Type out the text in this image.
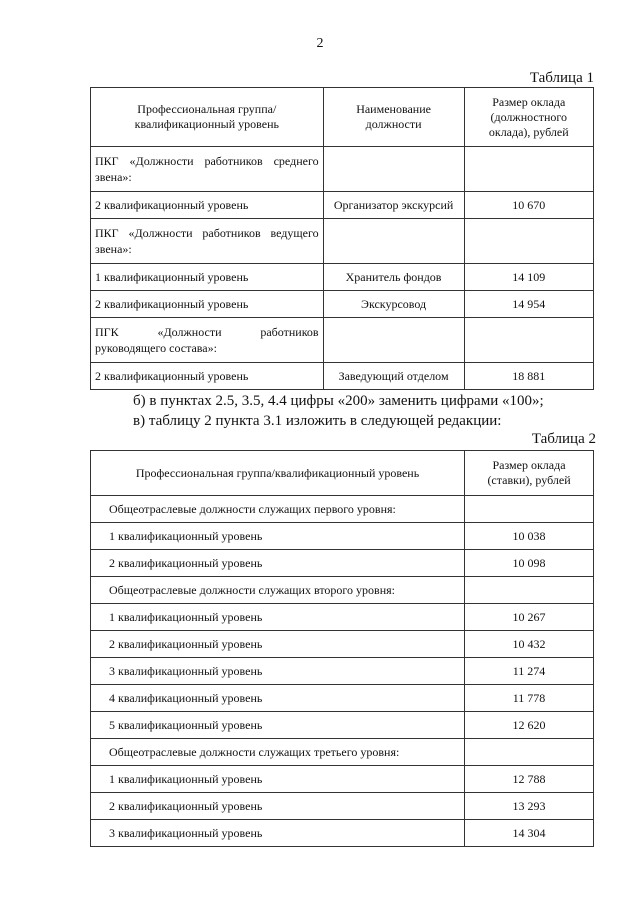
2
Таблица 1
Профессиональная группа/квалификационный уровень	Наименование должности	Размер оклада (должностного оклада), рублей
ПКГ «Должности работников среднего звена»:		
2 квалификационный уровень	Организатор экскурсий	10 670
ПКГ «Должности работников ведущего звена»:		
1 квалификационный уровень	Хранитель фондов	14 109
2 квалификационный уровень	Экскурсовод	14 954
ПГК «Должности работников руководящего состава»:		
2 квалификационный уровень	Заведующий отделом	18 881
б) в пунктах 2.5, 3.5, 4.4 цифры «200» заменить цифрами «100»;
в) таблицу 2 пункта 3.1 изложить в следующей редакции:
Таблица 2
Профессиональная группа/квалификационный уровень	Размер оклада (ставки), рублей
Общеотраслевые должности служащих первого уровня:	
1 квалификационный уровень	10 038
2 квалификационный уровень	10 098
Общеотраслевые должности служащих второго уровня:	
1 квалификационный уровень	10 267
2 квалификационный уровень	10 432
3 квалификационный уровень	11 274
4 квалификационный уровень	11 778
5 квалификационный уровень	12 620
Общеотраслевые должности служащих третьего уровня:	
1 квалификационный уровень	12 788
2 квалификационный уровень	13 293
3 квалификационный уровень	14 304
